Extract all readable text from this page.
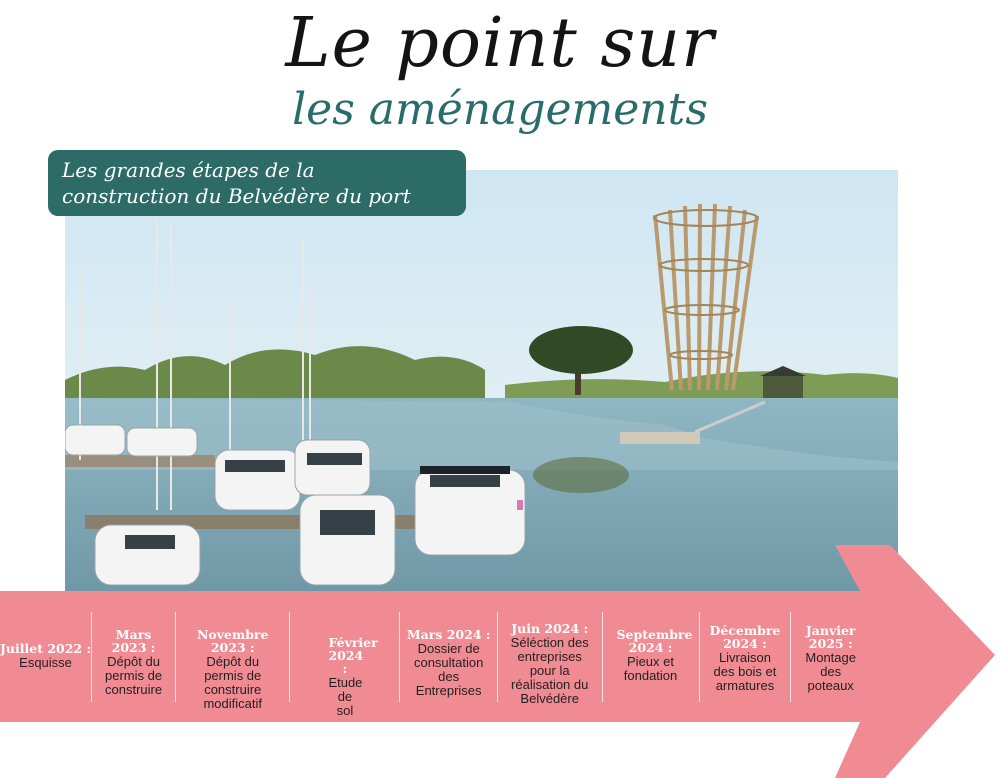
Le point sur
les aménagements
Les grandes étapes de la
construction du Belvédère du port
Juillet 2022 :
Esquisse
Mars 2023 :
Dépôt du permis de construire
Novembre 2023 :
Dépôt du permis de construire modificatif
Février 2024 :
Etude de sol
Mars 2024 :
Dossier de consultation des Entreprises
Juin 2024 :
Séléction des entreprises pour la réalisation du Belvédère
Septembre 2024 :
Pieux et fondation
Décembre 2024 :
Livraison des bois et armatures
Janvier 2025 :
Montage des poteaux
